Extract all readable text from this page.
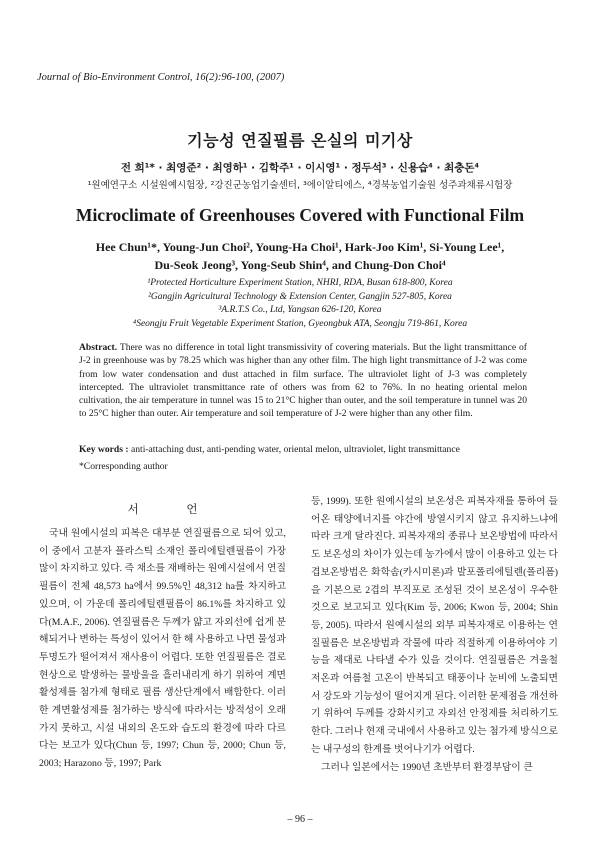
Journal of Bio-Environment Control, 16(2):96-100, (2007)
기능성 연질필름 온실의 미기상
전 희¹* · 최영준² · 최영하¹ · 김학주¹ · 이시영¹ · 정두석³ · 신용습⁴ · 최충돈⁴
¹원예연구소 시설원예시험장, ²강진군농업기술센터, ³에이알티에스, ⁴경북농업기술원 성주과채류시험장
Microclimate of Greenhouses Covered with Functional Film
Hee Chun¹*, Young-Jun Choi², Young-Ha Choi¹, Hark-Joo Kim¹, Si-Young Lee¹,
Du-Seok Jeong³, Yong-Seub Shin⁴, and Chung-Don Choi⁴
¹Protected Horticulture Experiment Station, NHRI, RDA, Busan 618-800, Korea
²Gangjin Agricultural Technology & Extension Center, Gangjin 527-805, Korea
³A.R.T.S Co., Ltd, Yangsan 626-120, Korea
⁴Seongju Fruit Vegetable Experiment Station, Gyeongbuk ATA, Seongju 719-861, Korea
Abstract. There was no difference in total light transmissivity of covering materials. But the light transmittance of J-2 in greenhouse was by 78.25 which was higher than any other film. The high light transmittance of J-2 was come from low water condensation and dust attached in film surface. The ultraviolet light of J-3 was completely intercepted. The ultraviolet transmittance rate of others was from 62 to 76%. In no heating oriental melon cultivation, the air temperature in tunnel was 15 to 21°C higher than outer, and the soil temperature in tunnel was 20 to 25°C higher than outer. Air temperature and soil temperature of J-2 were higher than any other film.
Key words : anti-attaching dust, anti-pending water, oriental melon, ultraviolet, light transmittance
*Corresponding author
서 언

국내 원예시설의 피복은 대부분 연질필름으로 되어 있고, 이 중에서 고분자 플라스틱 소재인 폴리에틸렌필름이 가장 많이 차지하고 있다. 즉 채소를 재배하는 원예시설에서 연질필름이 전체 48,573 ha에서 99.5%인 48,312 ha를 차지하고 있으며, 이 가운데 폴리에틸렌필름이 86.1%를 차지하고 있다(M.A.F., 2006). 연질필름은 두께가 얇고 자외선에 쉽게 분해되거나 변하는 특성이 있어서 한 해 사용하고 나면 물성과 투명도가 떨어져서 재사용이 어렵다. 또한 연질필름은 결로현상으로 발생하는 물방울을 흘러내리게 하기 위하여 계면활성제를 첨가제 형태로 필름 생산단계에서 배합한다. 이러한 계면활성제를 첨가하는 방식에 따라서는 방적성이 오래 가지 못하고, 시설 내외의 온도와 습도의 환경에 따라 다르다는 보고가 있다(Chun 등, 1997; Chun 등, 2000; Chun 등, 2003; Harazono 등, 1997; Park

등, 1999). 또한 원예시설의 보온성은 피복자재를 통하여 들어온 태양에너지를 야간에 방열시키지 않고 유지하느냐에 따라 크게 달라진다. 피복자재의 종류나 보온방법에 따라서도 보온성의 차이가 있는데 농가에서 많이 이용하고 있는 다겹보온방법은 화학솜(카시미론)과 발포폴리에틸렌(폴리폼)을 기본으로 2겹의 부직포로 조성된 것이 보온성이 우수한 것으로 보고되고 있다(Kim 등, 2006; Kwon 등, 2004; Shin 등, 2005). 따라서 원예시설의 외부 피복자재로 이용하는 연질필름은 보온방법과 작물에 따라 적절하게 이용하여야 기능을 제대로 나타낼 수가 있을 것이다. 연질필름은 겨울철 저온과 여름철 고온이 반복되고 태풍이나 눈비에 노출되면서 강도와 기능성이 떨어지게 된다. 이러한 문제점을 개선하기 위하여 두께를 강화시키고 자외선 안정제를 처리하기도 한다. 그러나 현재 국내에서 사용하고 있는 첨가제 방식으로는 내구성의 한계를 벗어나기가 어렵다.

그러나 일본에서는 1990년 초반부터 환경부담이 큰

– 96 –
